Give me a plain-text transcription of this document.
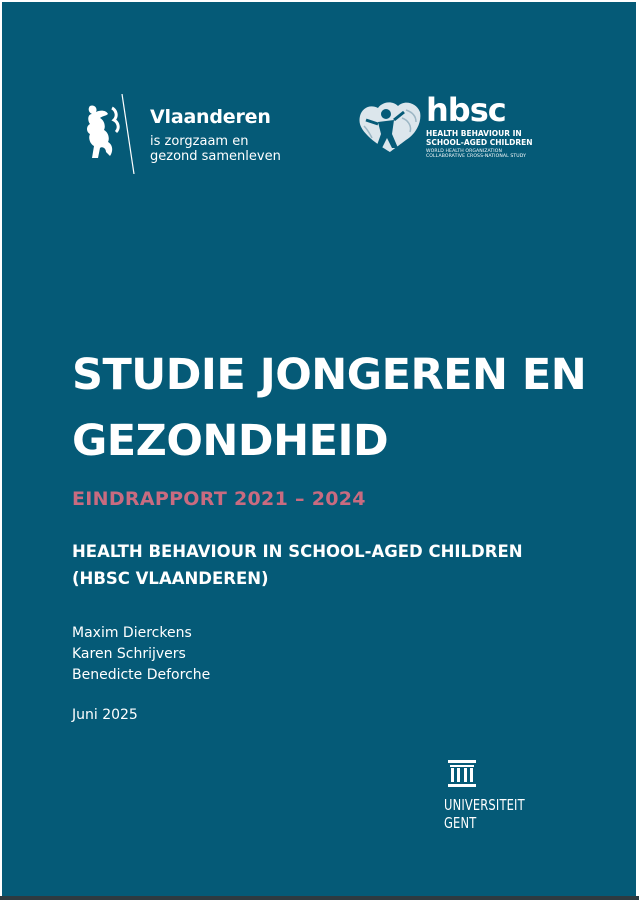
Vlaanderen
is zorgzaam en
gezond samenleven
hbsc
HEALTH BEHAVIOUR IN
SCHOOL-AGED CHILDREN
WORLD HEALTH ORGANIZATION
COLLABORATIVE CROSS-NATIONAL STUDY
STUDIE JONGEREN EN
GEZONDHEID
EINDRAPPORT 2021 – 2024
HEALTH BEHAVIOUR IN SCHOOL-AGED CHILDREN
(HBSC VLAANDEREN)
Maxim Dierckens
Karen Schrijvers
Benedicte Deforche
Juni 2025
UNIVERSITEIT
GENT
